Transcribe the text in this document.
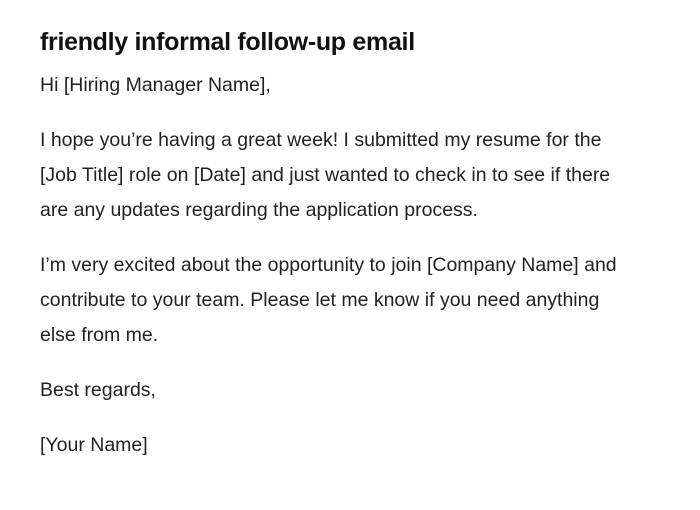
friendly informal follow-up email

Hi [Hiring Manager Name],

I hope you’re having a great week! I submitted my resume for the [Job Title] role on [Date] and just wanted to check in to see if there are any updates regarding the application process.

I’m very excited about the opportunity to join [Company Name] and contribute to your team. Please let me know if you need anything else from me.

Best regards,

[Your Name]
